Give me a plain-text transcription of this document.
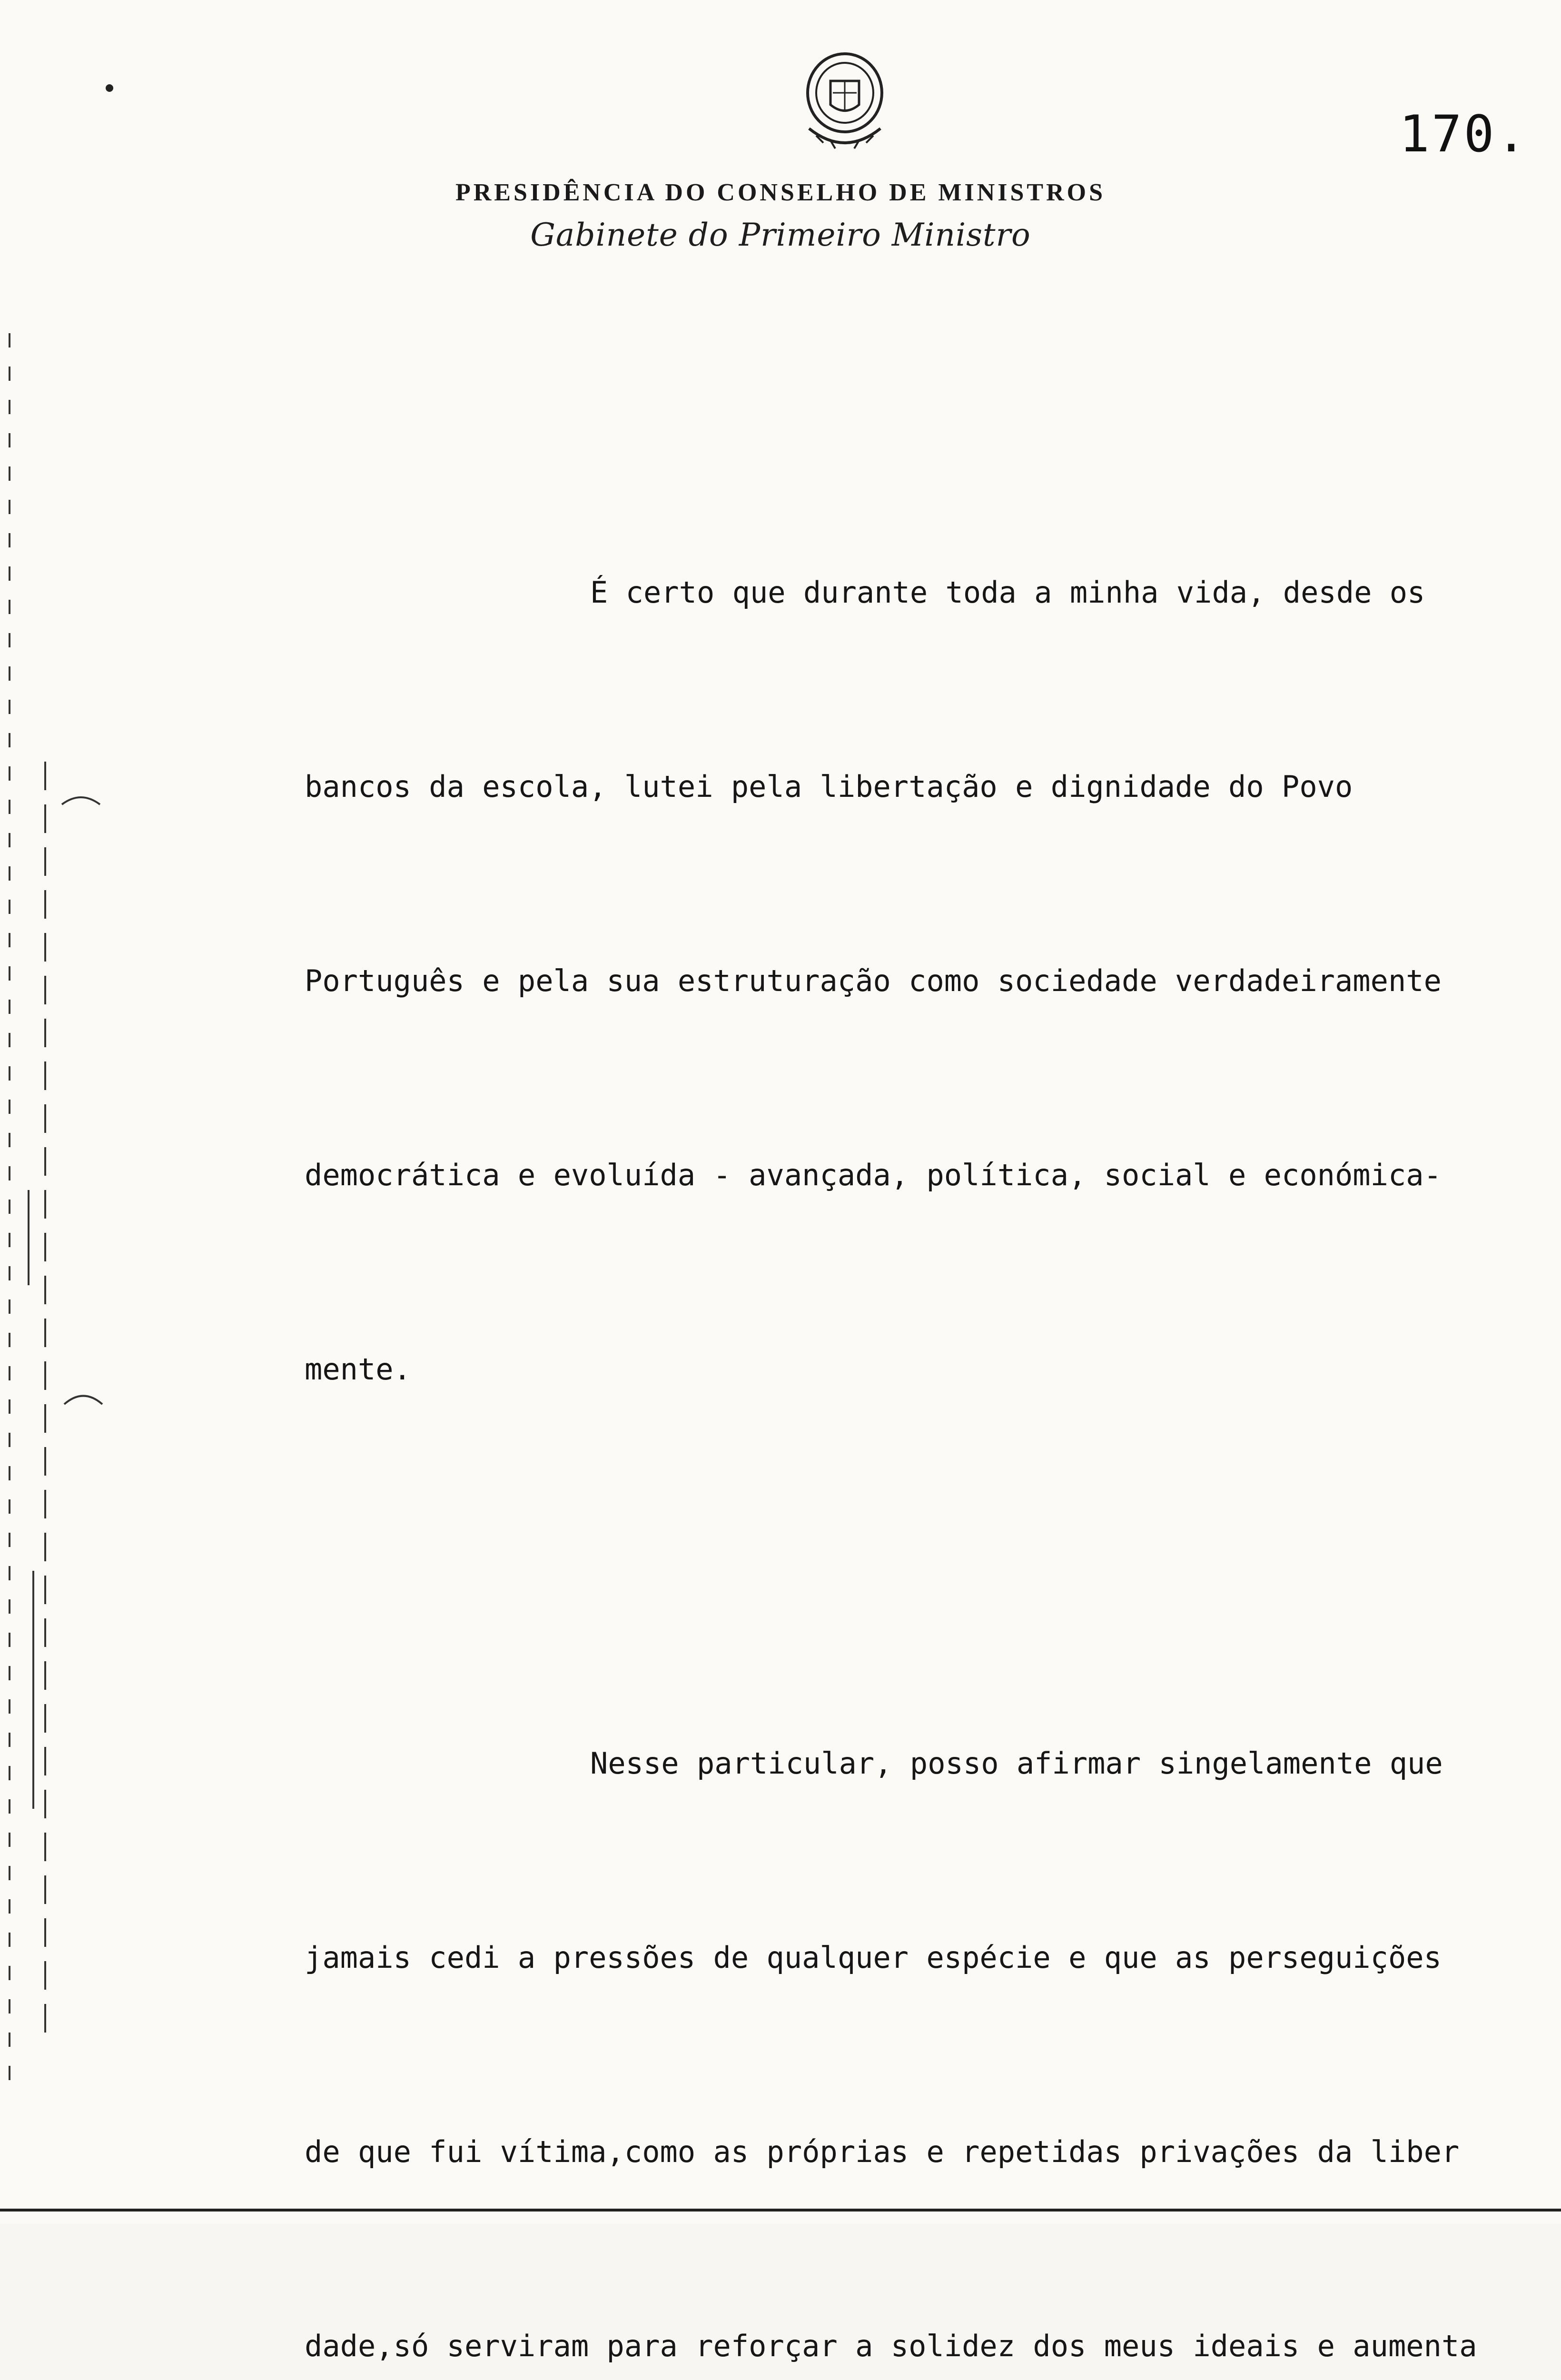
170.
PRESIDÊNCIA DO CONSELHO DE MINISTROS
Gabinete do Primeiro Ministro

É certo que durante toda a minha vida, desde os

bancos da escola, lutei pela libertação e dignidade do Povo

Português e pela sua estruturação como sociedade verdadeiramente

democrática e evoluída - avançada, política, social e económica-

mente.

Nesse particular, posso afirmar singelamente que

jamais cedi a pressões de qualquer espécie e que as perseguições

de que fui vítima,como as próprias e repetidas privações da liber

dade,só serviram para reforçar a solidez dos meus ideais e aumenta
